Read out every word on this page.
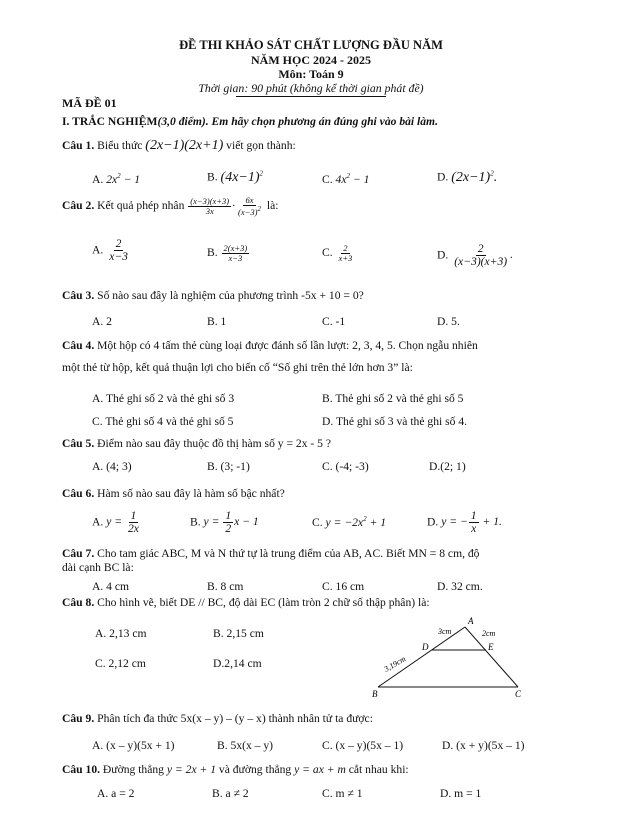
ĐỀ THI KHẢO SÁT CHẤT LƯỢNG ĐẦU NĂM
NĂM HỌC 2024 - 2025
Môn: Toán 9
Thời gian: 90 phút (không kể thời gian phát đề)
MÃ ĐỀ 01
I. TRẮC NGHIỆM(3,0 điểm). Em hãy chọn phương án đúng ghi vào bài làm.
Câu 1. Biểu thức (2x−1)(2x+1) viết gọn thành:
A. $2x^2 - 1$	B. $(4x-1)^2$	C. $4x^2 - 1$	D. $(2x-1)^2$.
Câu 2. Kết quả phép nhân $\frac{(x-3)(x+3)}{3x} \cdot \frac{6x}{(x-3)^2}$ là:
A. $\frac{2}{x-3}$	B. $\frac{2(x+3)}{x-3}$	C. $\frac{2}{x+3}$	D. $\frac{2}{(x-3)(x+3)}$ .
Câu 3. Số nào sau đây là nghiệm của phương trình -5x + 10 = 0?
A. 2	B. 1	C. -1	D. 5.
Câu 4. Một hộp có 4 tấm thẻ cùng loại được đánh số lần lượt: 2, 3, 4, 5. Chọn ngẫu nhiên
một thẻ từ hộp, kết quả thuận lợi cho biến cố “Số ghi trên thẻ lớn hơn 3” là:
A. Thẻ ghi số 2 và thẻ ghi số 3	B. Thẻ ghi số 2 và thẻ ghi số 5
C. Thẻ ghi số 4 và thẻ ghi số 5	D. Thẻ ghi số 3 và thẻ ghi số 4.
Câu 5. Điểm nào sau đây thuộc đồ thị hàm số y = 2x - 5 ?
A. (4; 3)	B. (3; -1)	C. (-4; -3)	D.(2; 1)
Câu 6. Hàm số nào sau đây là hàm số bậc nhất?
A. $y = \frac{1}{2x}$	B. $y = \frac{1}{2}$ x − 1	C. $y = -2x^2 + 1$	D. y = − $\frac{1}{x} + 1$.
Câu 7. Cho tam giác ABC, M và N thứ tự là trung điểm của AB, AC. Biết MN = 8 cm, độ
dài cạnh BC là:
A. 4 cm	B. 8 cm	C. 16 cm	D. 32 cm.
Câu 8. Cho hình vẽ, biết DE // BC, độ dài EC (làm tròn 2 chữ số thập phân) là:
A. 2,13 cm	B. 2,15 cm
C. 2,12 cm	D.2,14 cm
A
D	E
B	C
3cm	2cm
3,19cm
Câu 9. Phân tích đa thức 5x(x – y) – (y – x) thành nhân tử ta được:
A. (x – y)(5x + 1)	B. 5x(x – y)	C. (x – y)(5x – 1)	D. (x + y)(5x – 1)
Câu 10. Đường thẳng y = 2x + 1 và đường thẳng y = ax + m cắt nhau khi:
A. a = 2	B. a ≠ 2	C. m ≠ 1	D. m = 1
